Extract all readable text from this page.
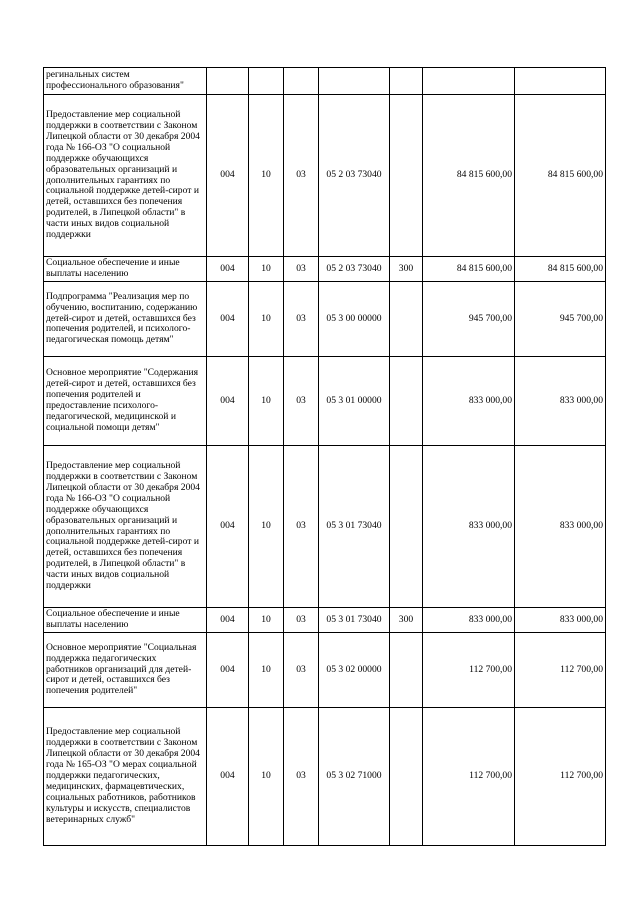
регинальных систем профессионального образования"							
Предоставление мер социальной поддержки в соответствии с Законом Липецкой области от 30 декабря 2004 года № 166-ОЗ "О социальной поддержке обучающихся образовательных организаций и дополнительных гарантиях по социальной поддержке детей-сирот и детей, оставшихся без попечения родителей, в Липецкой области" в части иных видов социальной поддержки	004	10	03	05 2 03 73040		84 815 600,00	84 815 600,00
Социальное обеспечение и иные выплаты населению	004	10	03	05 2 03 73040	300	84 815 600,00	84 815 600,00
Подпрограмма "Реализация мер по обучению, воспитанию, содержанию детей-сирот и детей, оставшихся без попечения родителей, и психолого-педагогическая помощь детям"	004	10	03	05 3 00 00000		945 700,00	945 700,00
Основное мероприятие "Содержания детей-сирот и детей, оставшихся без попечения родителей и предоставление психолого-педагогической, медицинской и социальной помощи детям"	004	10	03	05 3 01 00000		833 000,00	833 000,00
Предоставление мер социальной поддержки в соответствии с Законом Липецкой области от 30 декабря 2004 года № 166-ОЗ "О социальной поддержке обучающихся образовательных организаций и дополнительных гарантиях по социальной поддержке детей-сирот и детей, оставшихся без попечения родителей, в Липецкой области" в части иных видов социальной поддержки	004	10	03	05 3 01 73040		833 000,00	833 000,00
Социальное обеспечение и иные выплаты населению	004	10	03	05 3 01 73040	300	833 000,00	833 000,00
Основное мероприятие "Социальная поддержка педагогических работников организаций для детей-сирот и детей, оставшихся без попечения родителей"	004	10	03	05 3 02 00000		112 700,00	112 700,00
Предоставление мер социальной поддержки в соответствии с Законом Липецкой области от 30 декабря 2004 года № 165-ОЗ "О мерах социальной поддержки педагогических, медицинских, фармацевтических, социальных работников, работников культуры и искусств, специалистов ветеринарных служб"	004	10	03	05 3 02 71000		112 700,00	112 700,00
